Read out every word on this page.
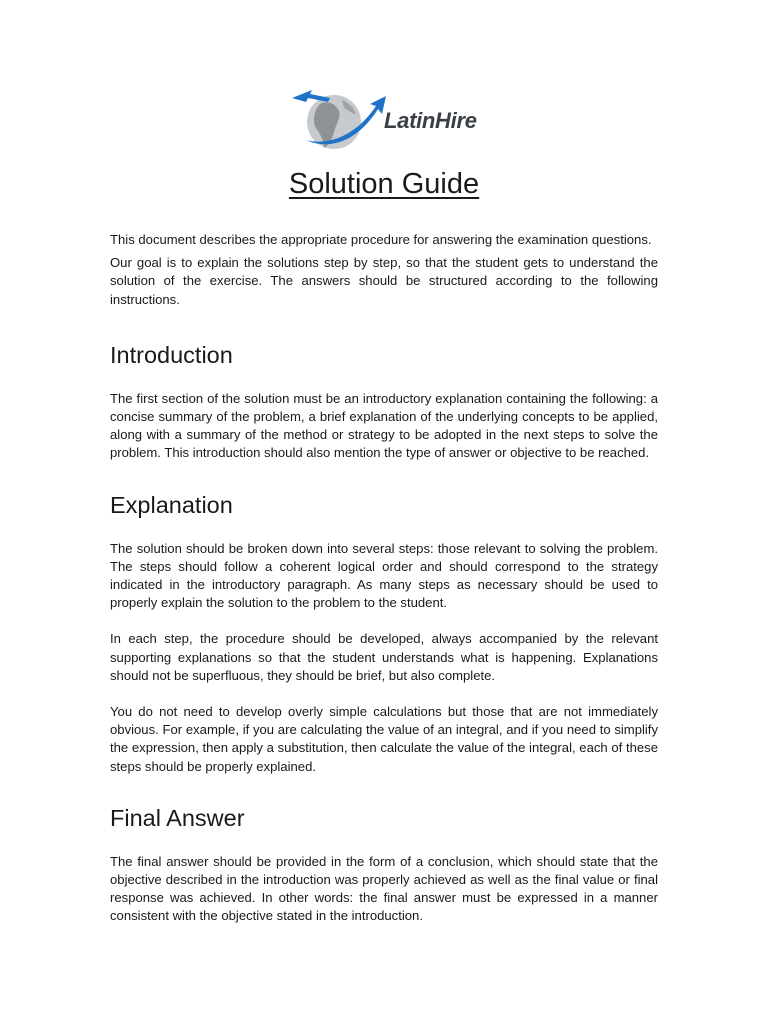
LatinHire
Solution Guide

This document describes the appropriate procedure for answering the examination questions.

Our goal is to explain the solutions step by step, so that the student gets to understand the solution of the exercise. The answers should be structured according to the following instructions.

Introduction

The first section of the solution must be an introductory explanation containing the following: a concise summary of the problem, a brief explanation of the underlying concepts to be applied, along with a summary of the method or strategy to be adopted in the next steps to solve the problem. This introduction should also mention the type of answer or objective to be reached.

Explanation

The solution should be broken down into several steps: those relevant to solving the problem. The steps should follow a coherent logical order and should correspond to the strategy indicated in the introductory paragraph. As many steps as necessary should be used to properly explain the solution to the problem to the student.

In each step, the procedure should be developed, always accompanied by the relevant supporting explanations so that the student understands what is happening. Explanations should not be superfluous, they should be brief, but also complete.

You do not need to develop overly simple calculations but those that are not immediately obvious. For example, if you are calculating the value of an integral, and if you need to simplify the expression, then apply a substitution, then calculate the value of the integral, each of these steps should be properly explained.

Final Answer

The final answer should be provided in the form of a conclusion, which should state that the objective described in the introduction was properly achieved as well as the final value or final response was achieved. In other words: the final answer must be expressed in a manner consistent with the objective stated in the introduction.
